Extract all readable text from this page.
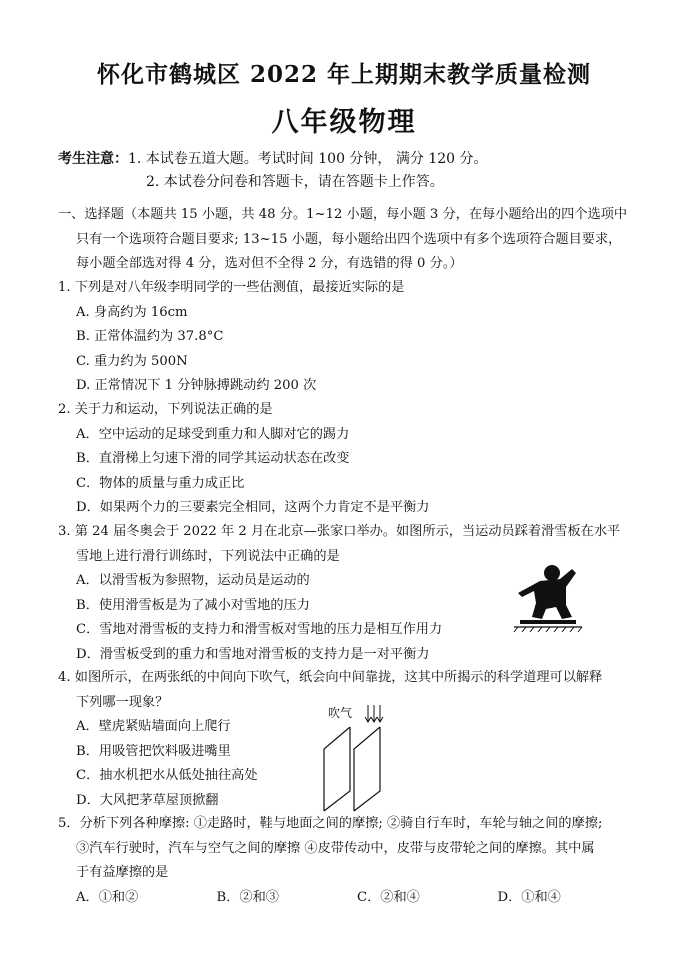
怀化市鹤城区 2022 年上期期末教学质量检测
八年级物理
考生注意：1. 本试卷五道大题。考试时间 100 分钟， 满分 120 分。
2. 本试卷分问卷和答题卡，请在答题卡上作答。
一、选择题（本题共 15 小题，共 48 分。1~12 小题，每小题 3 分，在每小题给出的四个选项中
只有一个选项符合题目要求; 13~15 小题，每小题给出四个选项中有多个选项符合题目要求，
每小题全部选对得 4 分，选对但不全得 2 分，有选错的得 0 分。）
1. 下列是对八年级李明同学的一些估测值，最接近实际的是
A. 身高约为 16cm
B. 正常体温约为 37.8°C
C. 重力约为 500N
D. 正常情况下 1 分钟脉搏跳动约 200 次
2. 关于力和运动，下列说法正确的是
A．空中运动的足球受到重力和人脚对它的踢力
B．直滑梯上匀速下滑的同学其运动状态在改变
C．物体的质量与重力成正比
D．如果两个力的三要素完全相同，这两个力肯定不是平衡力
3. 第 24 届冬奥会于 2022 年 2 月在北京—张家口举办。如图所示，当运动员踩着滑雪板在水平
雪地上进行滑行训练时，下列说法中正确的是
A．以滑雪板为参照物，运动员是运动的
B．使用滑雪板是为了减小对雪地的压力
C．雪地对滑雪板的支持力和滑雪板对雪地的压力是相互作用力
D．滑雪板受到的重力和雪地对滑雪板的支持力是一对平衡力
4. 如图所示，在两张纸的中间向下吹气，纸会向中间靠拢，这其中所揭示的科学道理可以解释
下列哪一现象？
A．壁虎紧贴墙面向上爬行
B．用吸管把饮料吸进嘴里
C．抽水机把水从低处抽往高处
D．大风把茅草屋顶掀翻
吹气
5．分析下列各种摩擦: ①走路时，鞋与地面之间的摩擦; ②骑自行车时，车轮与轴之间的摩擦;
③汽车行驶时，汽车与空气之间的摩擦 ④皮带传动中，皮带与皮带轮之间的摩擦。其中属
于有益摩擦的是
A．①和②	B．②和③	C．②和④	D．①和④
